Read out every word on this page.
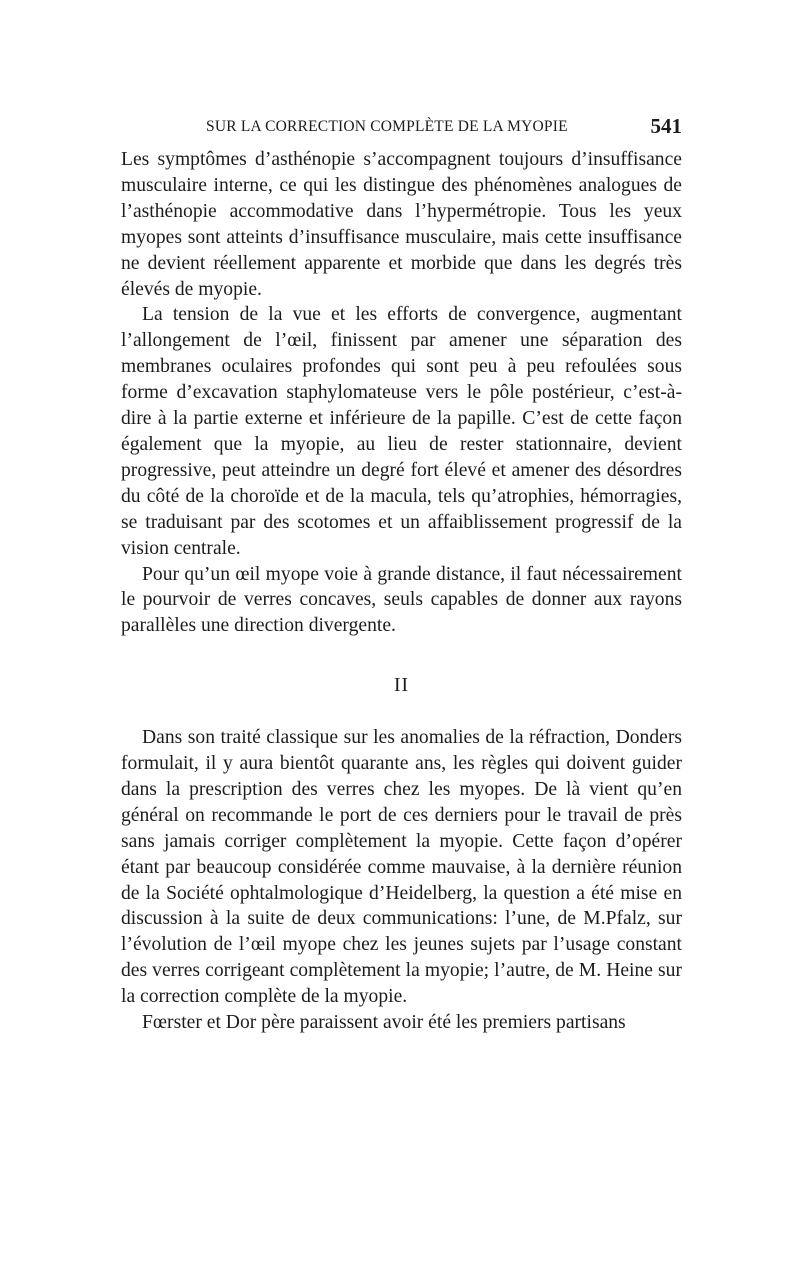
SUR LA CORRECTION COMPLÈTE DE LA MYOPIE	541

Les symptômes d’asthénopie s’accompagnent toujours d’insuffisance musculaire interne, ce qui les distingue des phénomènes analogues de l’asthénopie accommodative dans l’hypermétropie. Tous les yeux myopes sont atteints d’insuffisance musculaire, mais cette insuffisance ne devient réellement apparente et morbide que dans les degrés très élevés de myopie.

La tension de la vue et les efforts de convergence, augmentant l’allongement de l’œil, finissent par amener une séparation des membranes oculaires profondes qui sont peu à peu refoulées sous forme d’excavation staphylomateuse vers le pôle postérieur, c’est-à-dire à la partie externe et inférieure de la papille. C’est de cette façon également que la myopie, au lieu de rester stationnaire, devient progressive, peut atteindre un degré fort élevé et amener des désordres du côté de la choroïde et de la macula, tels qu’atrophies, hémorragies, se traduisant par des scotomes et un affaiblissement progressif de la vision centrale.

Pour qu’un œil myope voie à grande distance, il faut nécessairement le pourvoir de verres concaves, seuls capables de donner aux rayons parallèles une direction divergente.

II

Dans son traité classique sur les anomalies de la réfraction, Donders formulait, il y aura bientôt quarante ans, les règles qui doivent guider dans la prescription des verres chez les myopes. De là vient qu’en général on recommande le port de ces derniers pour le travail de près sans jamais corriger complètement la myopie. Cette façon d’opérer étant par beaucoup considérée comme mauvaise, à la dernière réunion de la Société ophtalmologique d’Heidelberg, la question a été mise en discussion à la suite de deux communications: l’une, de M.Pfalz, sur l’évolution de l’œil myope chez les jeunes sujets par l’usage constant des verres corrigeant complètement la myopie; l’autre, de M. Heine sur la correction complète de la myopie.

Fœrster et Dor père paraissent avoir été les premiers partisans
